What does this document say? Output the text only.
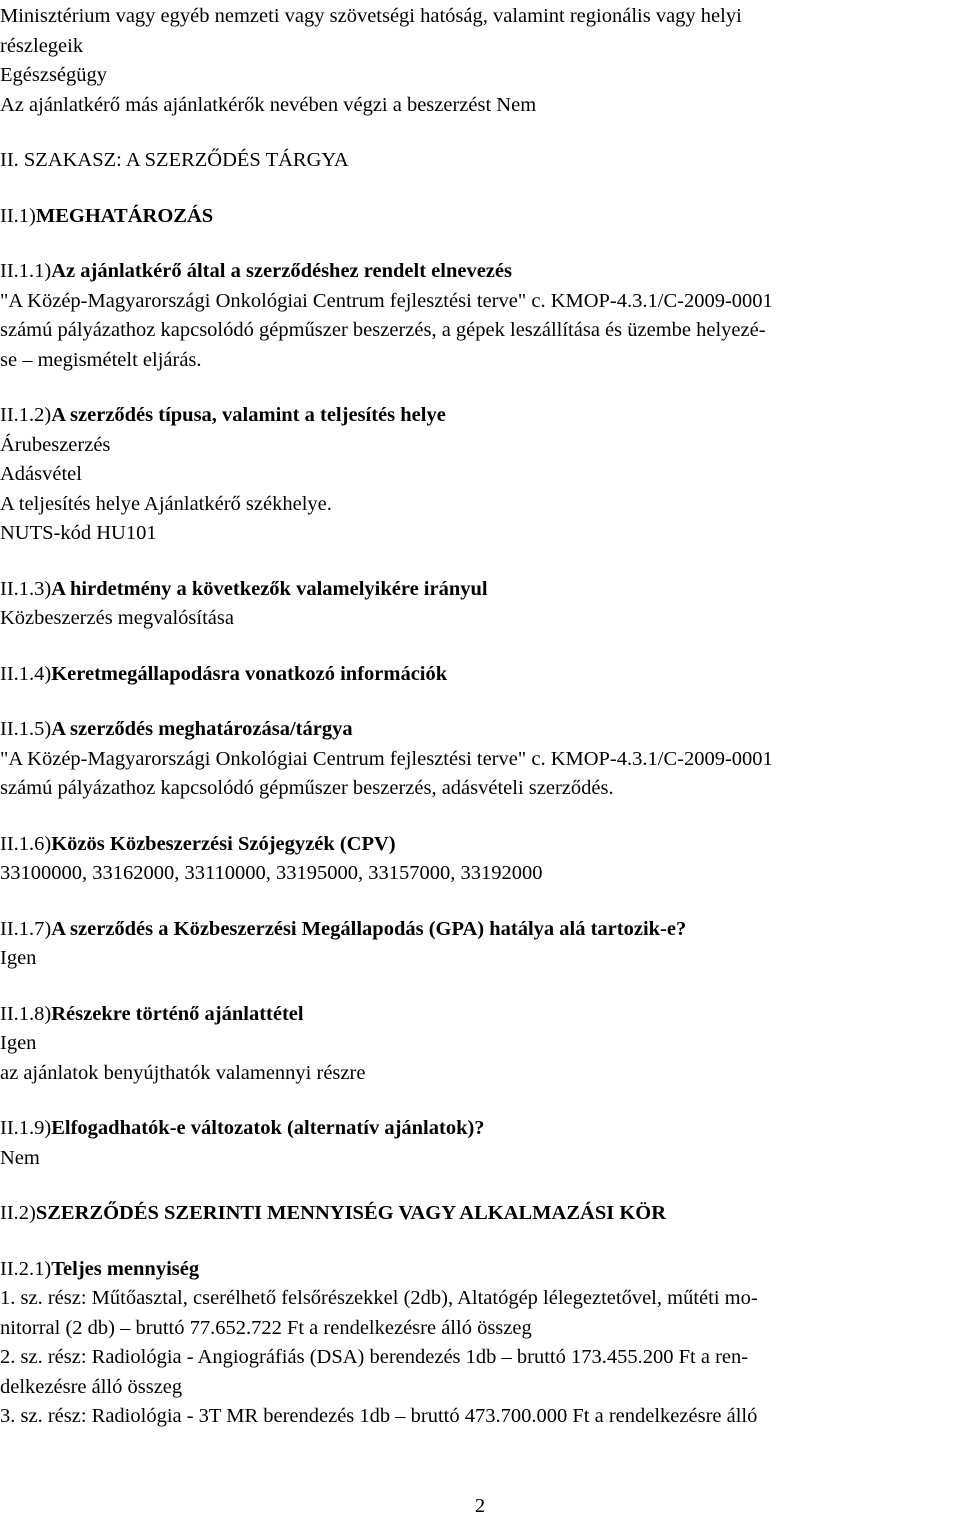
Minisztérium vagy egyéb nemzeti vagy szövetségi hatóság, valamint regionális vagy helyi
részlegeik
Egészségügy
Az ajánlatkérő más ajánlatkérők nevében végzi a beszerzést Nem
II. SZAKASZ: A SZERZŐDÉS TÁRGYA
II.1)MEGHATÁROZÁS
II.1.1)Az ajánlatkérő által a szerződéshez rendelt elnevezés
"A Közép-Magyarországi Onkológiai Centrum fejlesztési terve" c. KMOP-4.3.1/C-2009-0001
számú pályázathoz kapcsolódó gépműszer beszerzés, a gépek leszállítása és üzembe helyezé-
se – megismételt eljárás.
II.1.2)A szerződés típusa, valamint a teljesítés helye
Árubeszerzés
Adásvétel
A teljesítés helye Ajánlatkérő székhelye.
NUTS-kód HU101
II.1.3)A hirdetmény a következők valamelyikére irányul
Közbeszerzés megvalósítása
II.1.4)Keretmegállapodásra vonatkozó információk
II.1.5)A szerződés meghatározása/tárgya
"A Közép-Magyarországi Onkológiai Centrum fejlesztési terve" c. KMOP-4.3.1/C-2009-0001
számú pályázathoz kapcsolódó gépműszer beszerzés, adásvételi szerződés.
II.1.6)Közös Közbeszerzési Szójegyzék (CPV)
33100000, 33162000, 33110000, 33195000, 33157000, 33192000
II.1.7)A szerződés a Közbeszerzési Megállapodás (GPA) hatálya alá tartozik-e?
Igen
II.1.8)Részekre történő ajánlattétel
Igen
az ajánlatok benyújthatók valamennyi részre
II.1.9)Elfogadhatók-e változatok (alternatív ajánlatok)?
Nem
II.2)SZERZŐDÉS SZERINTI MENNYISÉG VAGY ALKALMAZÁSI KÖR
II.2.1)Teljes mennyiség
1. sz. rész: Műtőasztal, cserélhető felsőrészekkel (2db), Altatógép lélegeztetővel, műtéti mo-
nitorral (2 db) – bruttó 77.652.722 Ft a rendelkezésre álló összeg
2. sz. rész: Radiológia - Angiográfiás (DSA) berendezés 1db – bruttó 173.455.200 Ft a ren-
delkezésre álló összeg
3. sz. rész: Radiológia - 3T MR berendezés 1db – bruttó 473.700.000 Ft a rendelkezésre álló
2
